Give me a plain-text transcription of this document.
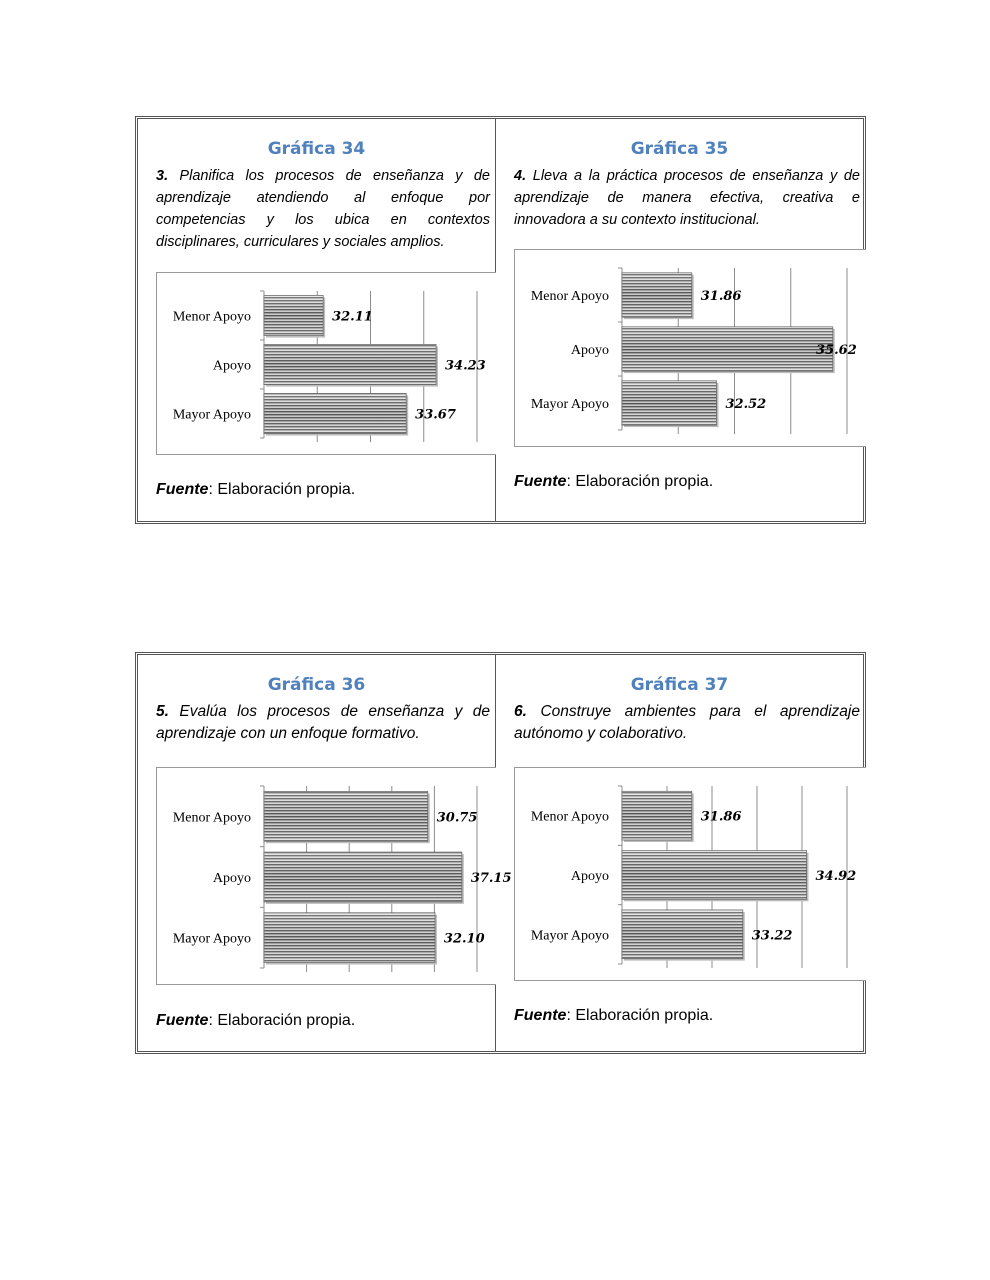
Gráfica 34

3. Planifica los procesos de enseñanza y de aprendizaje atendiendo al enfoque por competencias y los ubica en contextos disciplinares, curriculares y sociales amplios.

Menor Apoyo	32.11
Apoyo	34.23
Mayor Apoyo	33.67

Fuente: Elaboración propia.

Gráfica 35

4. Lleva a la práctica procesos de enseñanza y de aprendizaje de manera efectiva, creativa e innovadora a su contexto institucional.

Menor Apoyo	31.86
Apoyo	35.62
Mayor Apoyo	32.52

Fuente: Elaboración propia.

Gráfica 36

5. Evalúa los procesos de enseñanza y de aprendizaje con un enfoque formativo.

Menor Apoyo	30.75
Apoyo	37.15
Mayor Apoyo	32.10

Fuente: Elaboración propia.

Gráfica 37

6. Construye ambientes para el aprendizaje autónomo y colaborativo.

Menor Apoyo	31.86
Apoyo	34.92
Mayor Apoyo	33.22

Fuente: Elaboración propia.
